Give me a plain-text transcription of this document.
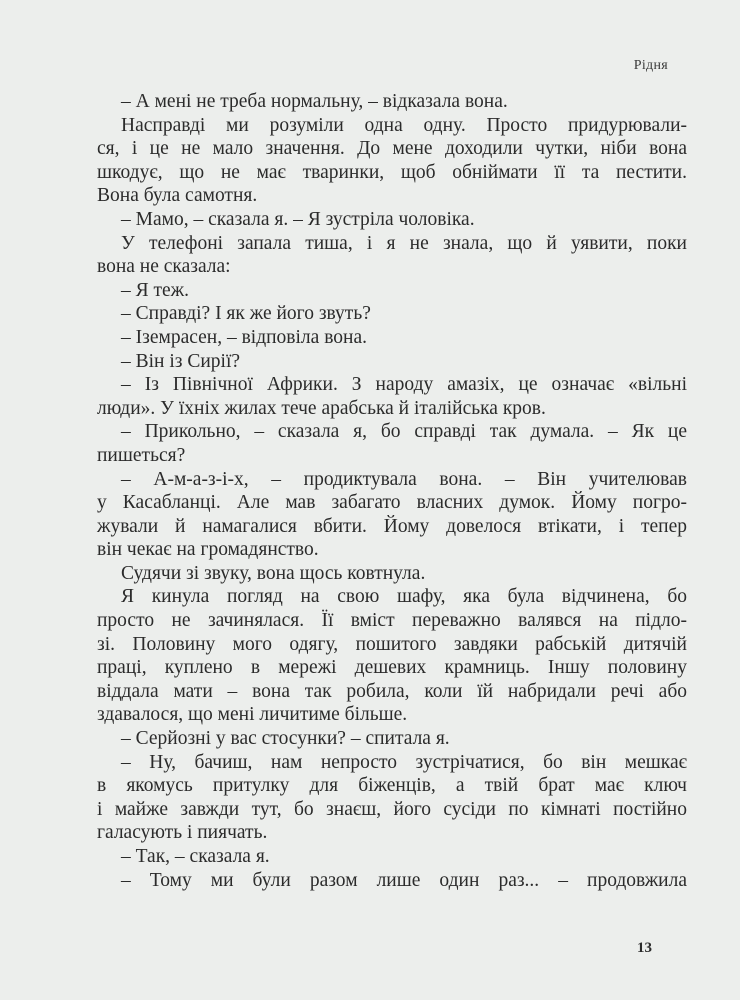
Рідня
– А мені не треба нормальну, – відказала вона.
Насправді ми розуміли одна одну. Просто придурювали-
ся, і це не мало значення. До мене доходили чутки, ніби вона
шкодує, що не має тваринки, щоб обніймати її та пестити.
Вона була самотня.
– Мамо, – сказала я. – Я зустріла чоловіка.
У телефоні запала тиша, і я не знала, що й уявити, поки
вона не сказала:
– Я теж.
– Справді? І як же його звуть?
– Іземрасен, – відповіла вона.
– Він із Сирії?
– Із Північної Африки. З народу амазіх, це означає «вільні
люди». У їхніх жилах тече арабська й італійська кров.
– Прикольно, – сказала я, бо справді так думала. – Як це
пишеться?
– А-м-а-з-і-х, – продиктувала вона. – Він учителював
у Касабланці. Але мав забагато власних думок. Йому погро-
жували й намагалися вбити. Йому довелося втікати, і тепер
він чекає на громадянство.
Судячи зі звуку, вона щось ковтнула.
Я кинула погляд на свою шафу, яка була відчинена, бо
просто не зачинялася. Її вміст переважно валявся на підло-
зі. Половину мого одягу, пошитого завдяки рабській дитячій
праці, куплено в мережі дешевих крамниць. Іншу половину
віддала мати – вона так робила, коли їй набридали речі або
здавалося, що мені личитиме більше.
– Серйозні у вас стосунки? – спитала я.
– Ну, бачиш, нам непросто зустрічатися, бо він мешкає
в якомусь притулку для біженців, а твій брат має ключ
і майже завжди тут, бо знаєш, його сусіди по кімнаті постійно
галасують і пиячать.
– Так, – сказала я.
– Тому ми були разом лише один раз... – продовжила
13
